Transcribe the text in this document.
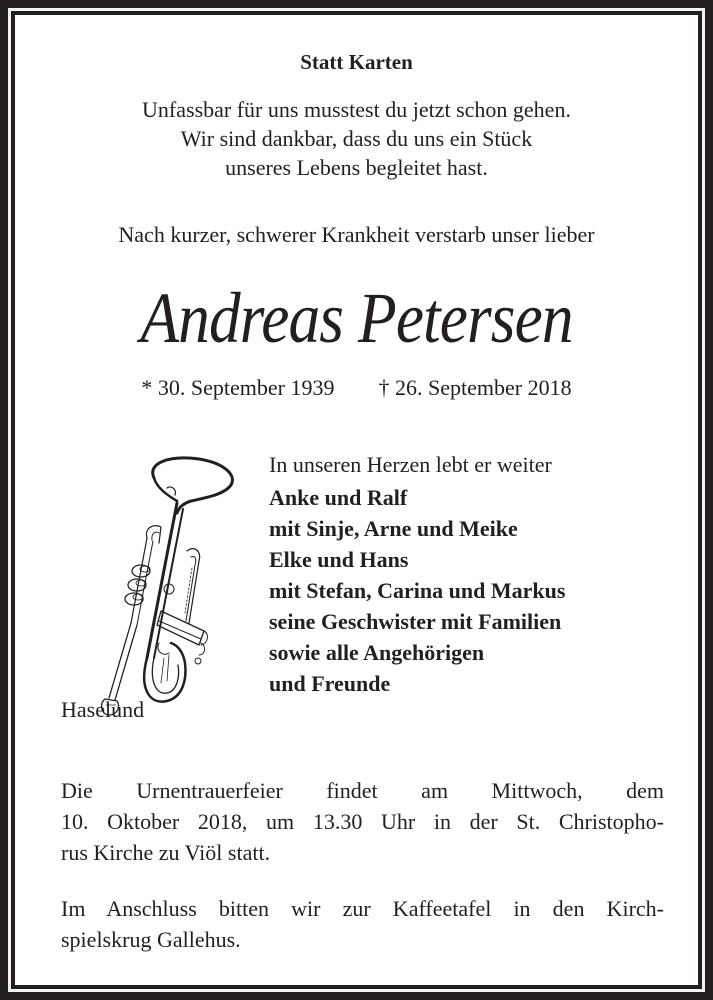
Statt Karten
Unfassbar für uns musstest du jetzt schon gehen.
Wir sind dankbar, dass du uns ein Stück
unseres Lebens begleitet hast.
Nach kurzer, schwerer Krankheit verstarb unser lieber
Andreas Petersen
* 30. September 1939 † 26. September 2018
In unseren Herzen lebt er weiter
Anke und Ralf
mit Sinje, Arne und Meike
Elke und Hans
mit Stefan, Carina und Markus
seine Geschwister mit Familien
sowie alle Angehörigen
und Freunde
Haselund
Die Urnentrauerfeier findet am Mittwoch, dem
10. Oktober 2018, um 13.30 Uhr in der St. Christopho-
rus Kirche zu Viöl statt.
Im Anschluss bitten wir zur Kaffeetafel in den Kirch-
spielskrug Gallehus.
